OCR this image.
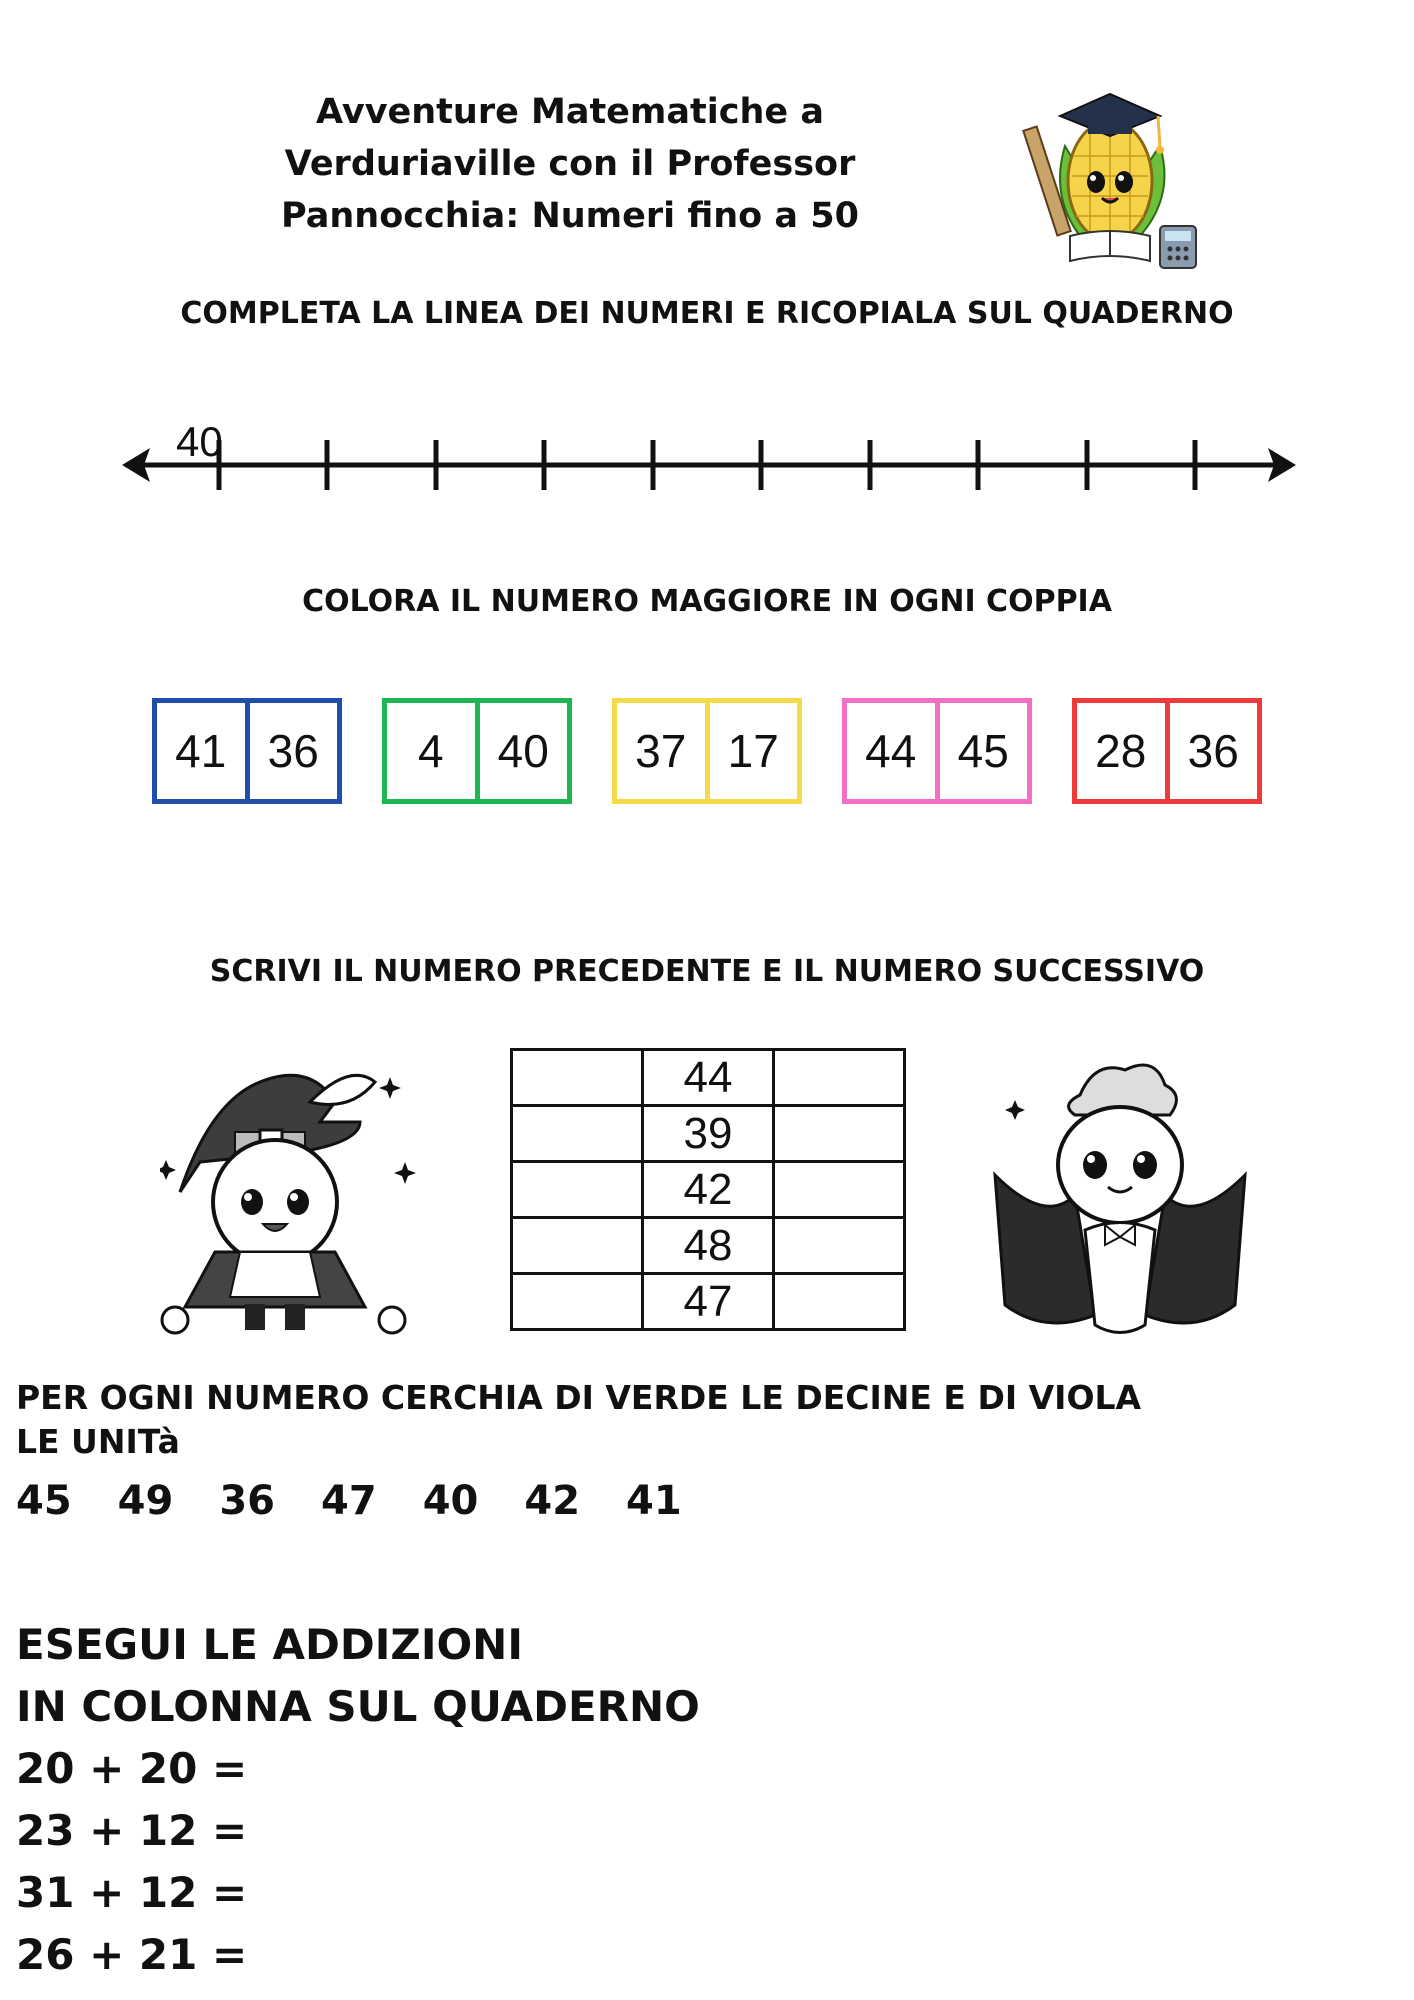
Avventure Matematiche a Verduriaville con il Professor Pannocchia: Numeri fino a 50
COMPLETA LA LINEA DEI NUMERI E RICOPIALA SUL QUADERNO
40
COLORA IL NUMERO MAGGIORE IN OGNI COPPIA
41 36	4	40	37 17	44 45	28 36
SCRIVI IL NUMERO PRECEDENTE E IL NUMERO SUCCESSIVO
	44	
	39	
	42	
	48	
	47	
PER OGNI NUMERO CERCHIA DI VERDE LE DECINE E DI VIOLA
LE UNITà
45 49 36 47 40 42 41
ESEGUI LE ADDIZIONI
IN COLONNA SUL QUADERNO
20 + 20 =
23 + 12 =
31 + 12 =
26 + 21 =
